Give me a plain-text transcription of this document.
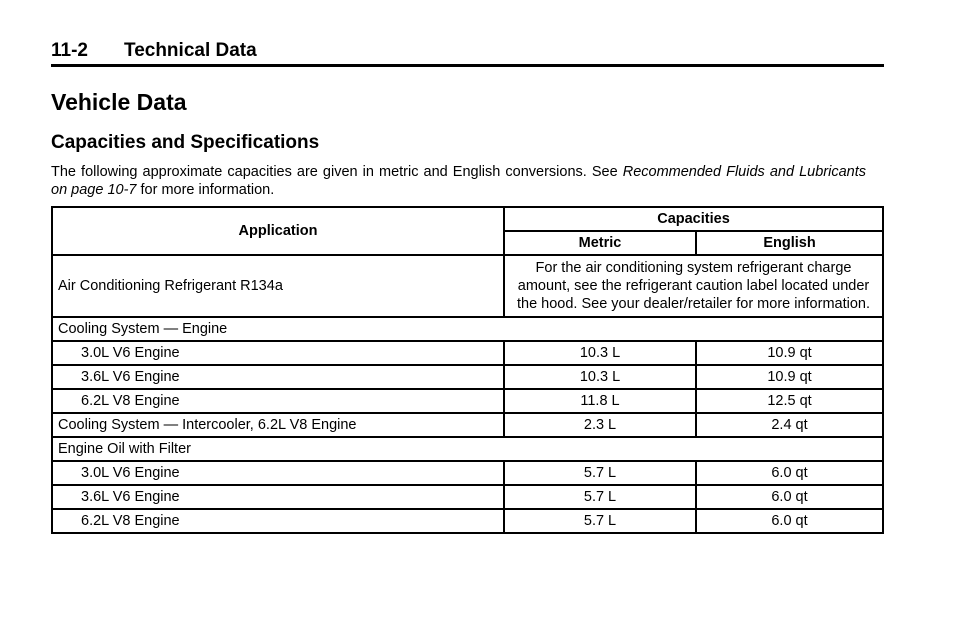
11-2 Technical Data
Vehicle Data
Capacities and Specifications

The following approximate capacities are given in metric and English conversions. See Recommended Fluids and Lubricants on page 10-7 for more information.

Application	Capacities	
	Metric	English
Air Conditioning Refrigerant R134a	For the air conditioning system refrigerant charge amount, see the refrigerant caution label located under the hood. See your dealer/retailer for more information.	
Cooling System — Engine		
3.0L V6 Engine	10.3 L	10.9 qt
3.6L V6 Engine	10.3 L	10.9 qt
6.2L V8 Engine	11.8 L	12.5 qt
Cooling System — Intercooler, 6.2L V8 Engine	2.3 L	2.4 qt
Engine Oil with Filter		
3.0L V6 Engine	5.7 L	6.0 qt
3.6L V6 Engine	5.7 L	6.0 qt
6.2L V8 Engine	5.7 L	6.0 qt
